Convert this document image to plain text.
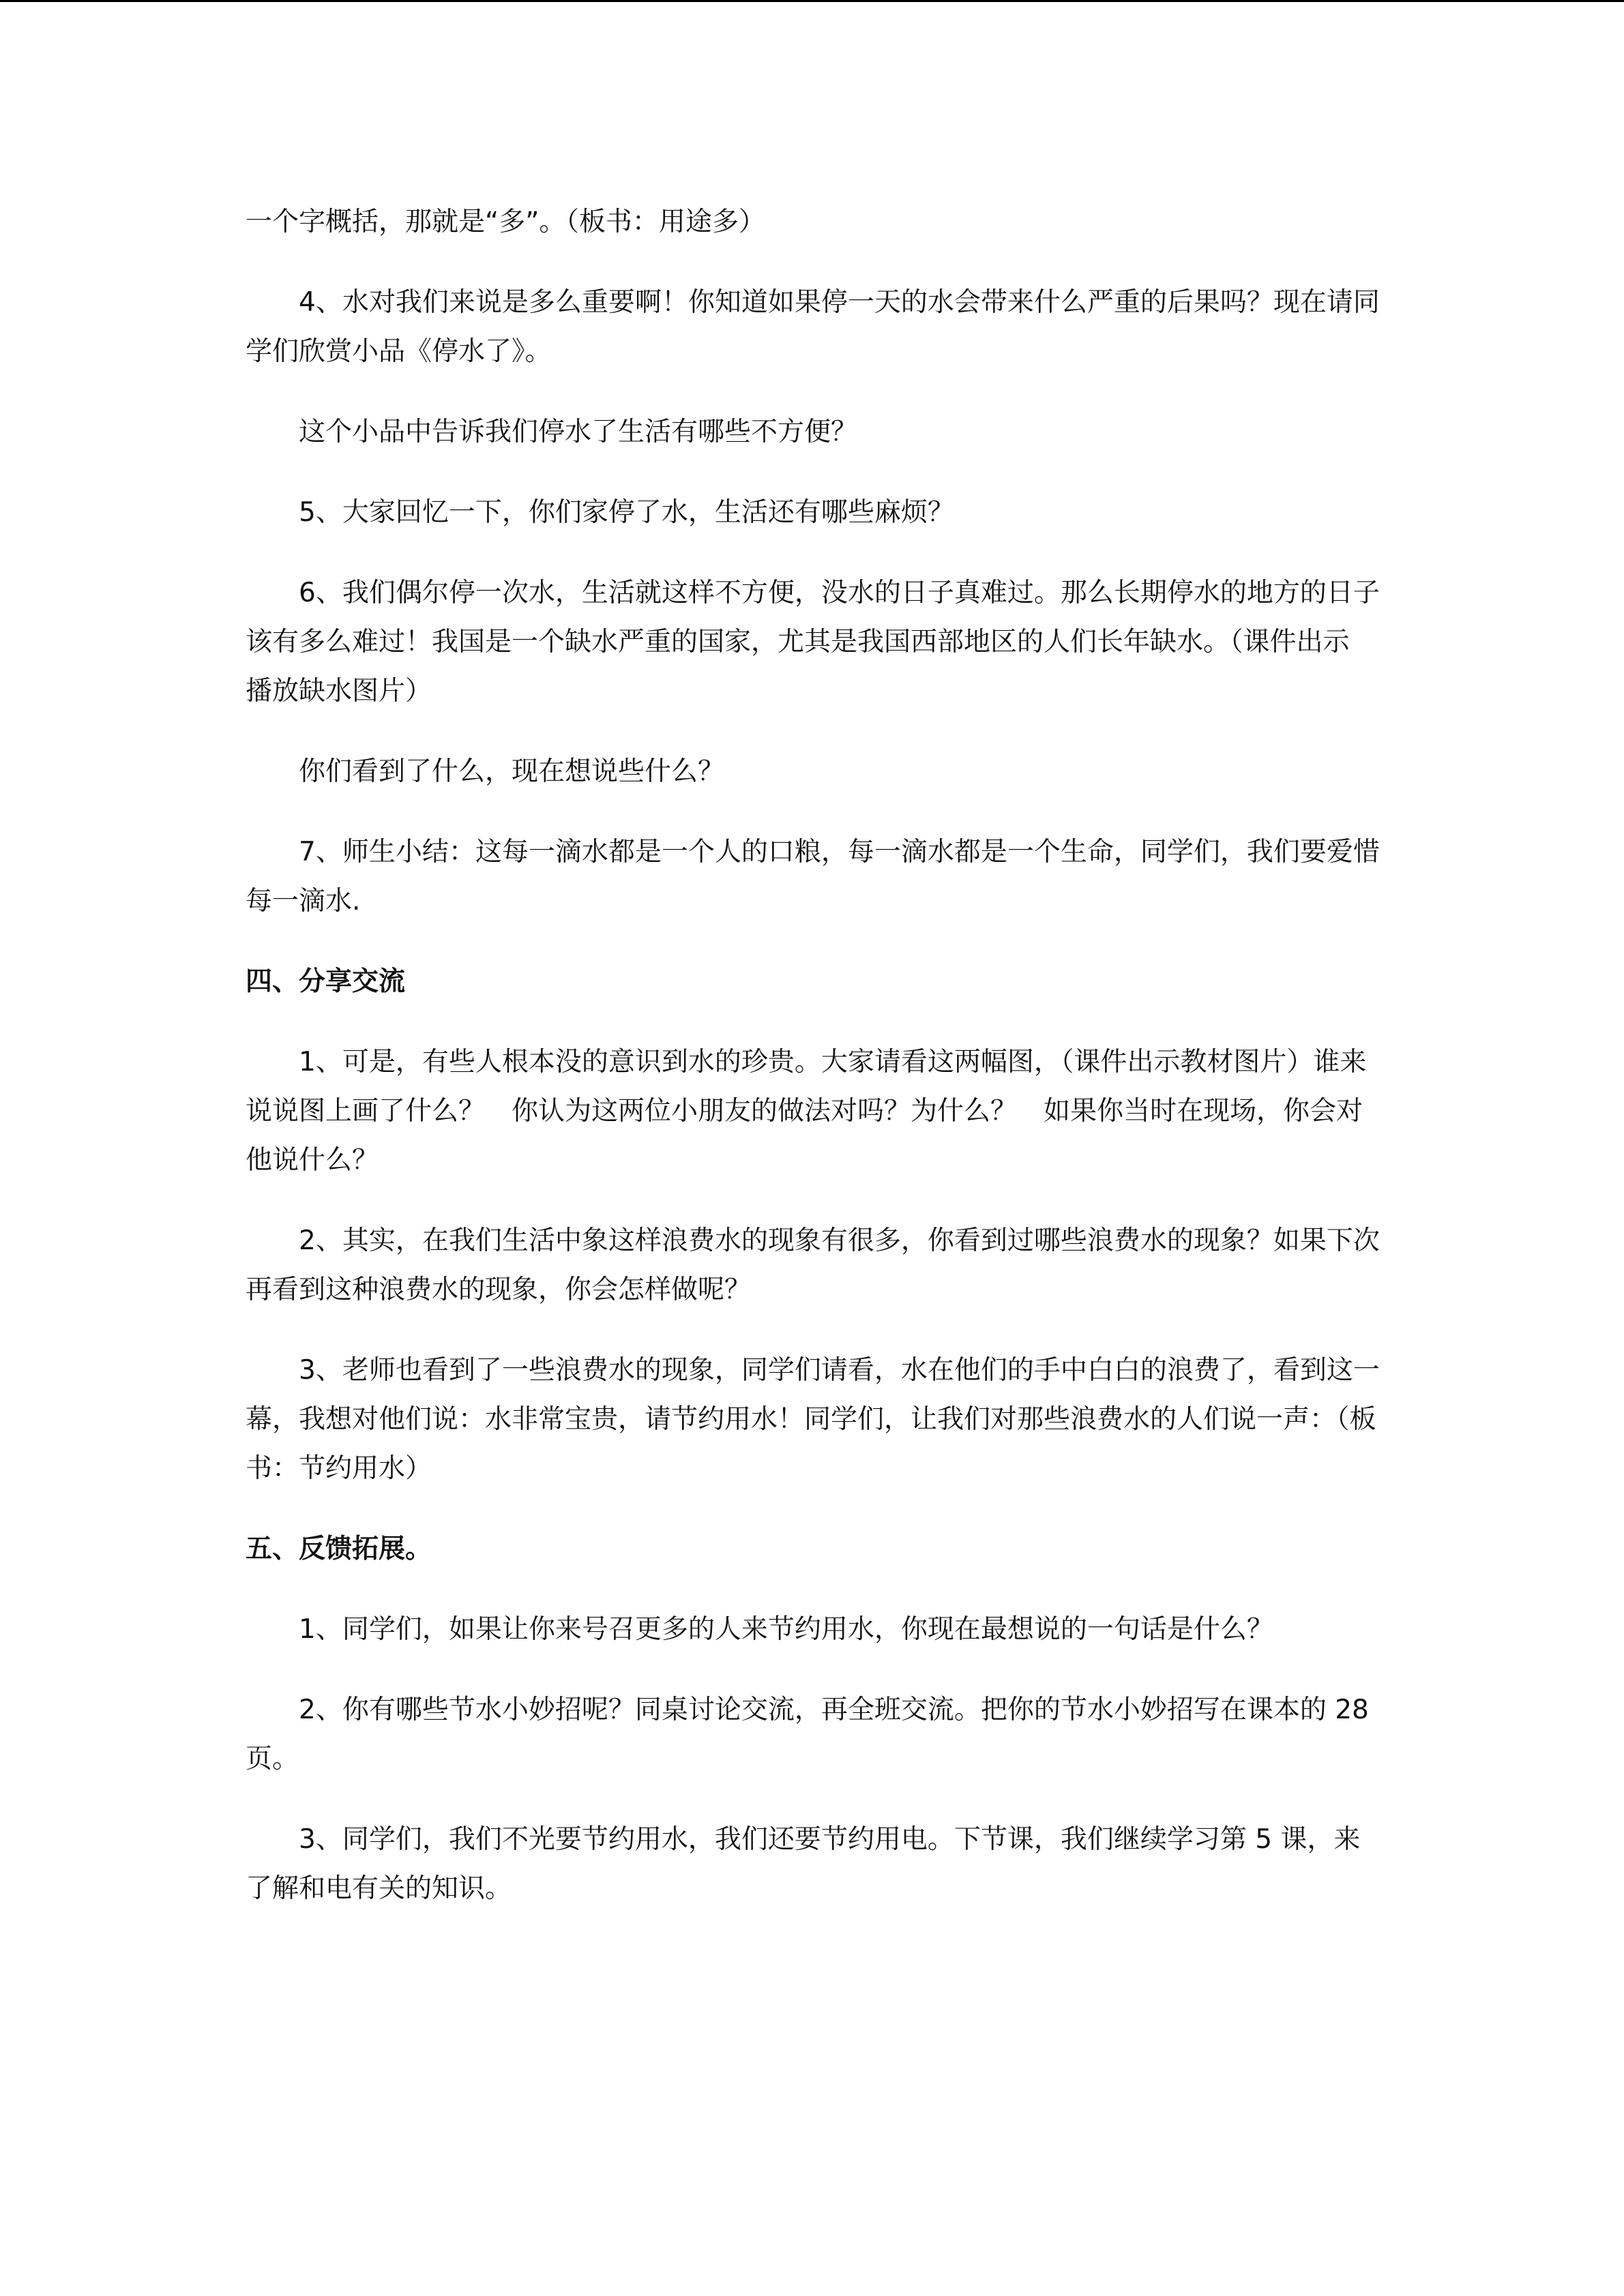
一个字概括，那就是“多”。（板书：用途多）

4、水对我们来说是多么重要啊！你知道如果停一天的水会带来什么严重的后果吗？现在请同学们欣赏小品《停水了》。

这个小品中告诉我们停水了生活有哪些不方便？

5、大家回忆一下，你们家停了水，生活还有哪些麻烦？

6、我们偶尔停一次水，生活就这样不方便，没水的日子真难过。那么长期停水的地方的日子该有多么难过！我国是一个缺水严重的国家，尤其是我国西部地区的人们长年缺水。（课件出示 播放缺水图片）

你们看到了什么，现在想说些什么？

7、师生小结：这每一滴水都是一个人的口粮，每一滴水都是一个生命，同学们，我们要爱惜每一滴水.

四、分享交流

1、可是，有些人根本没的意识到水的珍贵。大家请看这两幅图，（课件出示教材图片）谁来说说图上画了什么？　你认为这两位小朋友的做法对吗？为什么？　如果你当时在现场，你会对他说什么？

2、其实，在我们生活中象这样浪费水的现象有很多，你看到过哪些浪费水的现象？如果下次再看到这种浪费水的现象，你会怎样做呢？

3、老师也看到了一些浪费水的现象，同学们请看，水在他们的手中白白的浪费了，看到这一幕，我想对他们说：水非常宝贵，请节约用水！同学们，让我们对那些浪费水的人们说一声：（板书：节约用水）

五、反馈拓展。

1、同学们，如果让你来号召更多的人来节约用水，你现在最想说的一句话是什么？

2、你有哪些节水小妙招呢？同桌讨论交流，再全班交流。把你的节水小妙招写在课本的 28 页。

3、同学们，我们不光要节约用水，我们还要节约用电。下节课，我们继续学习第 5 课，来了解和电有关的知识。
